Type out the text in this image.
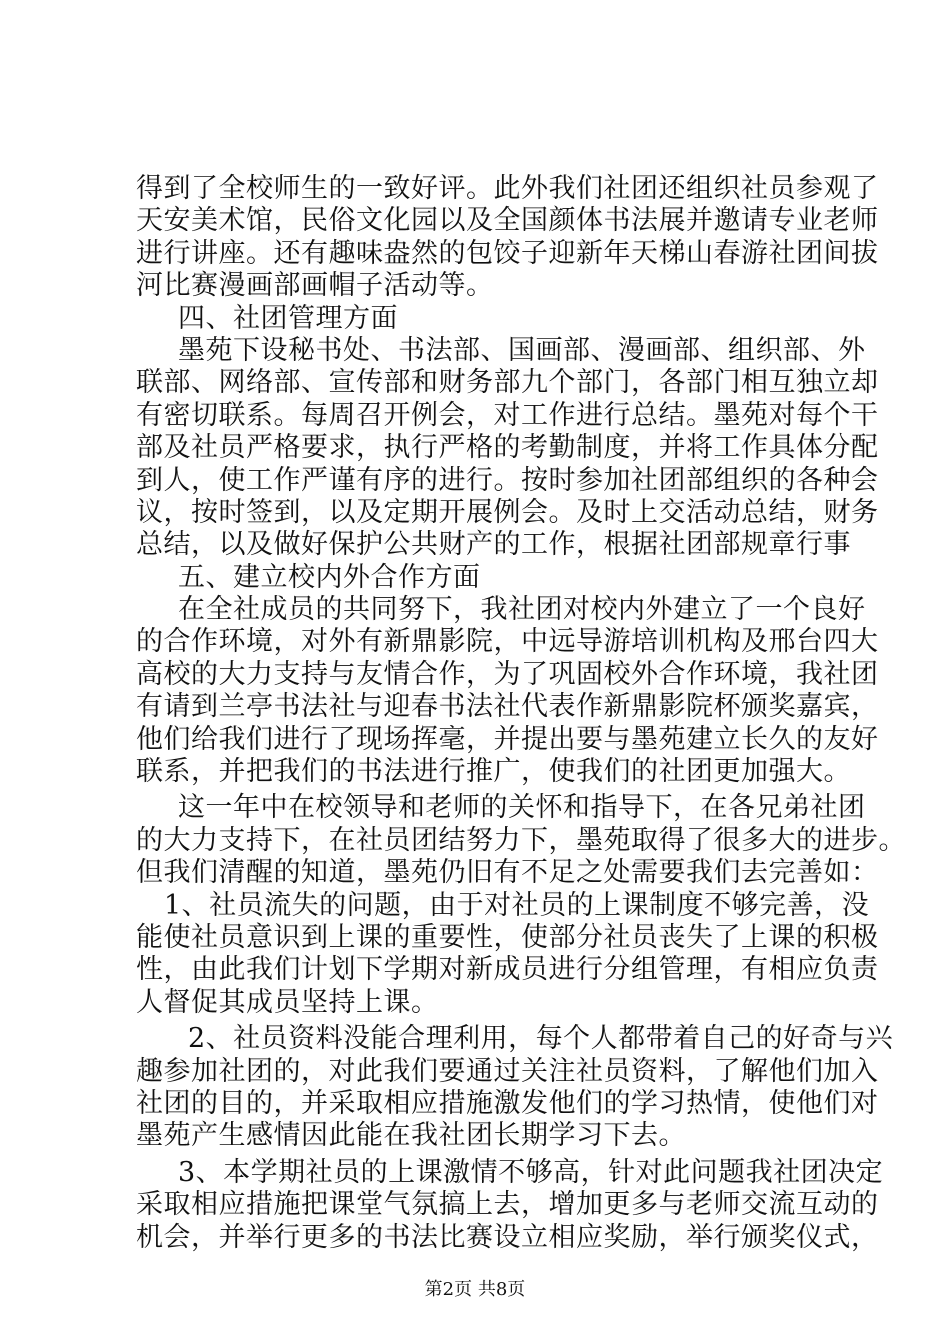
得到了全校师生的一致好评。此外我们社团还组织社员参观了
天安美术馆，民俗文化园以及全国颜体书法展并邀请专业老师
进行讲座。还有趣味盎然的包饺子迎新年天梯山春游社团间拔
河比赛漫画部画帽子活动等。
四、社团管理方面
墨苑下设秘书处、书法部、国画部、漫画部、组织部、外
联部、网络部、宣传部和财务部九个部门，各部门相互独立却
有密切联系。每周召开例会，对工作进行总结。墨苑对每个干
部及社员严格要求，执行严格的考勤制度，并将工作具体分配
到人，使工作严谨有序的进行。按时参加社团部组织的各种会
议，按时签到，以及定期开展例会。及时上交活动总结，财务
总结，以及做好保护公共财产的工作，根据社团部规章行事
五、建立校内外合作方面
在全社成员的共同努下，我社团对校内外建立了一个良好
的合作环境，对外有新鼎影院，中远导游培训机构及邢台四大
高校的大力支持与友情合作，为了巩固校外合作环境，我社团
有请到兰亭书法社与迎春书法社代表作新鼎影院杯颁奖嘉宾，
他们给我们进行了现场挥毫，并提出要与墨苑建立长久的友好
联系，并把我们的书法进行推广，使我们的社团更加强大。
这一年中在校领导和老师的关怀和指导下，在各兄弟社团
的大力支持下，在社员团结努力下，墨苑取得了很多大的进步。
但我们清醒的知道，墨苑仍旧有不足之处需要我们去完善如：
1、社员流失的问题，由于对社员的上课制度不够完善，没
能使社员意识到上课的重要性，使部分社员丧失了上课的积极
性，由此我们计划下学期对新成员进行分组管理，有相应负责
人督促其成员坚持上课。
2、社员资料没能合理利用，每个人都带着自己的好奇与兴
趣参加社团的，对此我们要通过关注社员资料，了解他们加入
社团的目的，并采取相应措施激发他们的学习热情，使他们对
墨苑产生感情因此能在我社团长期学习下去。
3、本学期社员的上课激情不够高，针对此问题我社团决定
采取相应措施把课堂气氛搞上去，增加更多与老师交流互动的
机会，并举行更多的书法比赛设立相应奖励，举行颁奖仪式，
第2页 共8页
